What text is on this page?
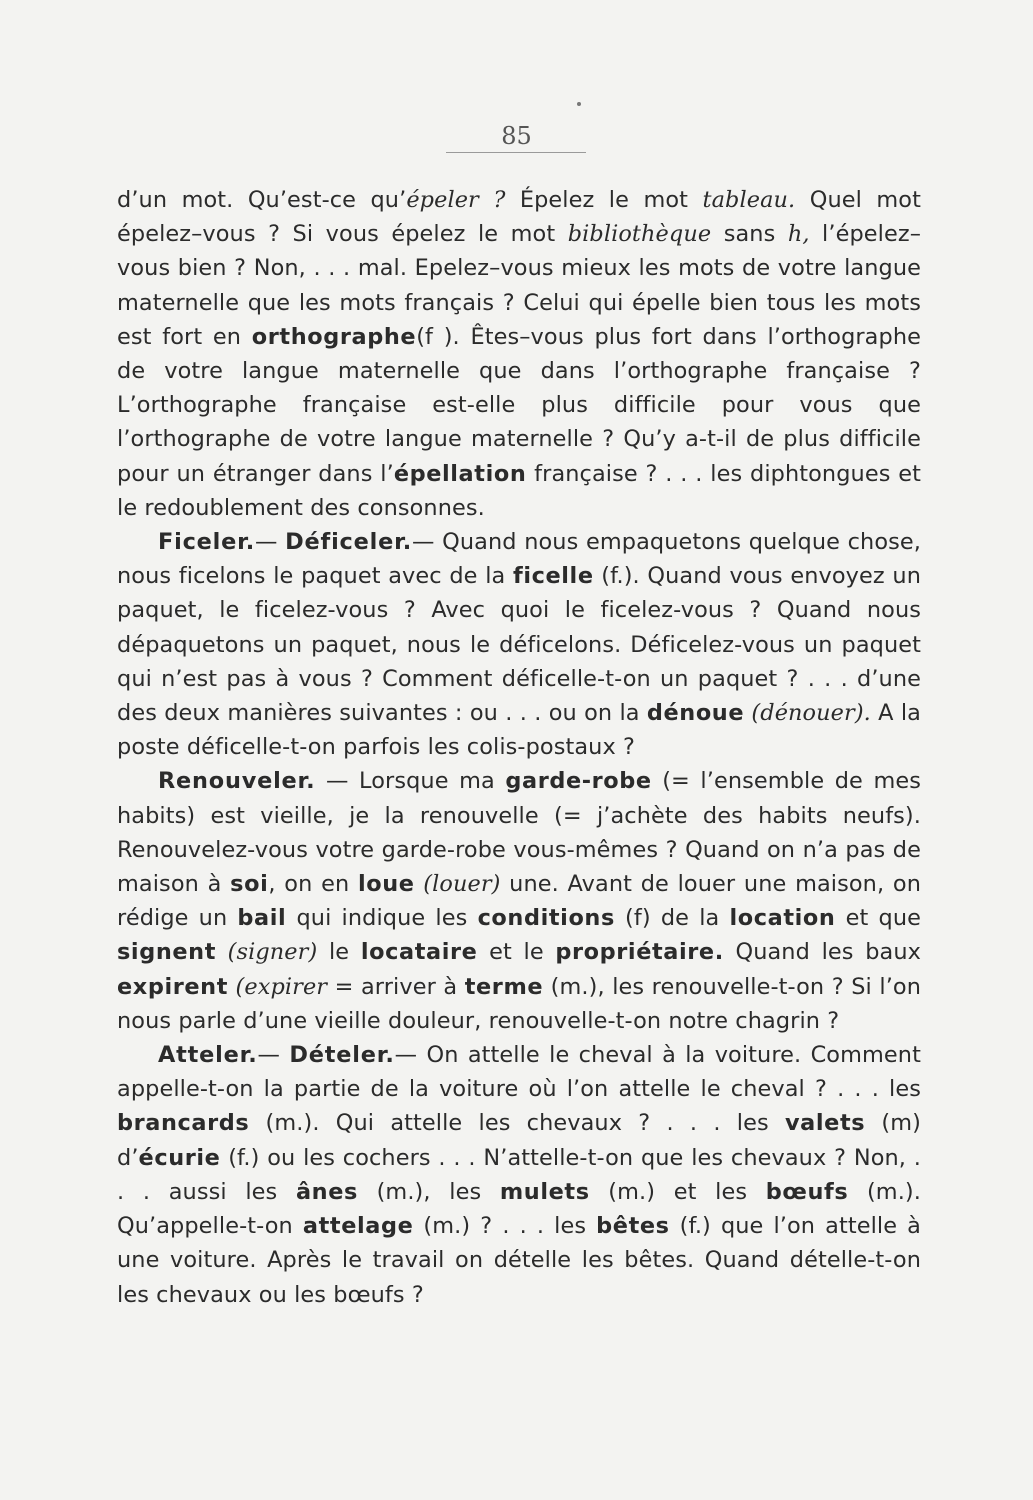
85

d’un mot. Qu’est-ce qu’épeler ? Épelez le mot tableau. Quel mot épelez–vous ? Si vous épelez le mot bibliothèque sans h, l’épelez–vous bien ? Non, . . . mal. Epelez–vous mieux les mots de votre langue maternelle que les mots français ? Celui qui épelle bien tous les mots est fort en orthographe(f ). Êtes–vous plus fort dans l’orthographe de votre langue maternelle que dans l’orthographe française ? L’orthographe française est-elle plus difficile pour vous que l’orthographe de votre langue maternelle ? Qu’y a-t-il de plus difficile pour un étranger dans l’épellation française ? . . . les diphtongues et le redoublement des consonnes.

Ficeler.— Déficeler.— Quand nous empaquetons quelque chose, nous ficelons le paquet avec de la ficelle (f.). Quand vous envoyez un paquet, le ficelez-vous ? Avec quoi le ficelez-vous ? Quand nous dépaquetons un paquet, nous le déficelons. Déficelez-vous un paquet qui n’est pas à vous ? Comment déficelle-t-on un paquet ? . . . d’une des deux manières suivantes : ou . . . ou on la dénoue (dénouer). A la poste déficelle-t-on parfois les colis-postaux ?

Renouveler. — Lorsque ma garde-robe (= l’ensemble de mes habits) est vieille, je la renouvelle (= j’achète des habits neufs). Renouvelez-vous votre garde-robe vous-mêmes ? Quand on n’a pas de maison à soi, on en loue (louer) une. Avant de louer une maison, on rédige un bail qui indique les conditions (f) de la location et que signent (signer) le locataire et le propriétaire. Quand les baux expirent (expirer = arriver à terme (m.), les renouvelle-t-on ? Si l’on nous parle d’une vieille douleur, renouvelle-t-on notre chagrin ?

Atteler.— Dételer.— On attelle le cheval à la voiture. Comment appelle-t-on la partie de la voiture où l’on attelle le cheval ? . . . les brancards (m.). Qui attelle les chevaux ? . . . les valets (m) d’écurie (f.) ou les cochers . . . N’attelle-t-on que les chevaux ? Non, . . . aussi les ânes (m.), les mulets (m.) et les bœufs (m.). Qu’appelle-t-on attelage (m.) ? . . . les bêtes (f.) que l’on attelle à une voiture. Après le travail on dételle les bêtes. Quand dételle-t-on les chevaux ou les bœufs ?
